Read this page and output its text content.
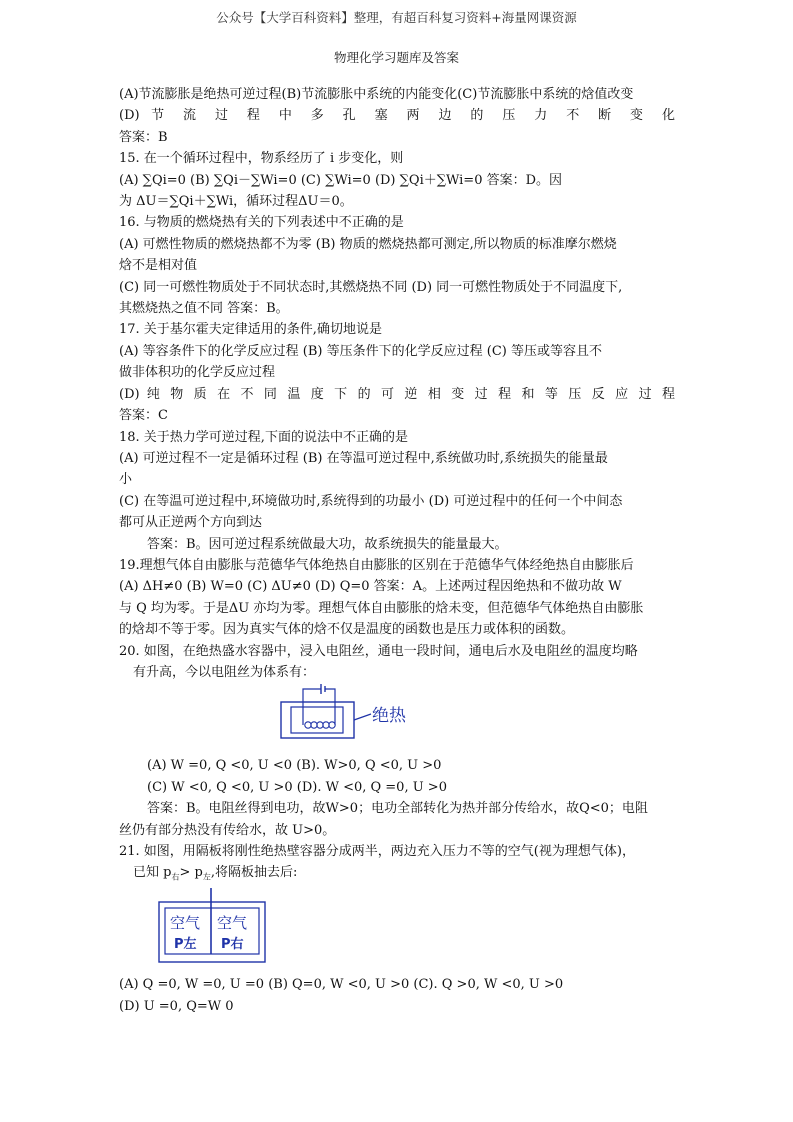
公众号【大学百科资料】整理，有超百科复习资料+海量网课资源
物理化学习题库及答案
(A)节流膨胀是绝热可逆过程(B)节流膨胀中系统的内能变化(C)节流膨胀中系统的焓值改变
(D) 节 流 过 程 中 多 孔 塞 两 边 的 压 力 不 断 变 化
答案：B
15. 在一个循环过程中，物系经历了 i 步变化，则
(A) ∑Qi=0 (B) ∑Qi－∑Wi=0 (C) ∑Wi=0 (D) ∑Qi＋∑Wi=0 答案：D。因
为 ΔU＝∑Qi＋∑Wi，循环过程ΔU＝0。
16. 与物质的燃烧热有关的下列表述中不正确的是
(A) 可燃性物质的燃烧热都不为零 (B) 物质的燃烧热都可测定,所以物质的标准摩尔燃烧
焓不是相对值
(C) 同一可燃性物质处于不同状态时,其燃烧热不同 (D) 同一可燃性物质处于不同温度下,
其燃烧热之值不同 答案：B。
17. 关于基尔霍夫定律适用的条件,确切地说是
(A) 等容条件下的化学反应过程 (B) 等压条件下的化学反应过程 (C) 等压或等容且不
做非体积功的化学反应过程
(D) 纯 物 质 在 不 同 温 度 下 的 可 逆 相 变 过 程 和 等 压 反 应 过 程
答案：C
18. 关于热力学可逆过程,下面的说法中不正确的是
(A) 可逆过程不一定是循环过程 (B) 在等温可逆过程中,系统做功时,系统损失的能量最
小
(C) 在等温可逆过程中,环境做功时,系统得到的功最小 (D) 可逆过程中的任何一个中间态
都可从正逆两个方向到达
答案：B。因可逆过程系统做最大功，故系统损失的能量最大。
19.理想气体自由膨胀与范德华气体绝热自由膨胀的区别在于范德华气体经绝热自由膨胀后
(A) ΔH≠0 (B) W=0 (C) ΔU≠0 (D) Q=0 答案：A。上述两过程因绝热和不做功故 W
与 Q 均为零。于是ΔU 亦均为零。理想气体自由膨胀的焓未变，但范德华气体绝热自由膨胀
的焓却不等于零。因为真实气体的焓不仅是温度的函数也是压力或体积的函数。
20. 如图，在绝热盛水容器中，浸入电阻丝，通电一段时间，通电后水及电阻丝的温度均略
有升高，今以电阻丝为体系有：
绝热
(A) W =0, Q <0, U <0 (B). W>0, Q <0, U >0
(C) W <0, Q <0, U >0 (D). W <0, Q =0, U >0
答案：B。电阻丝得到电功，故W>0；电功全部转化为热并部分传给水，故Q<0；电阻
丝仍有部分热没有传给水，故 U>0。
21. 如图，用隔板将刚性绝热壁容器分成两半，两边充入压力不等的空气(视为理想气体)，
已知 $p_右> p_左$,将隔板抽去后:
空气
P左
空气
P右
(A) Q =0, W =0, U =0 (B) Q=0, W <0, U >0 (C). Q >0, W <0, U >0
(D) U =0, Q=W 0
